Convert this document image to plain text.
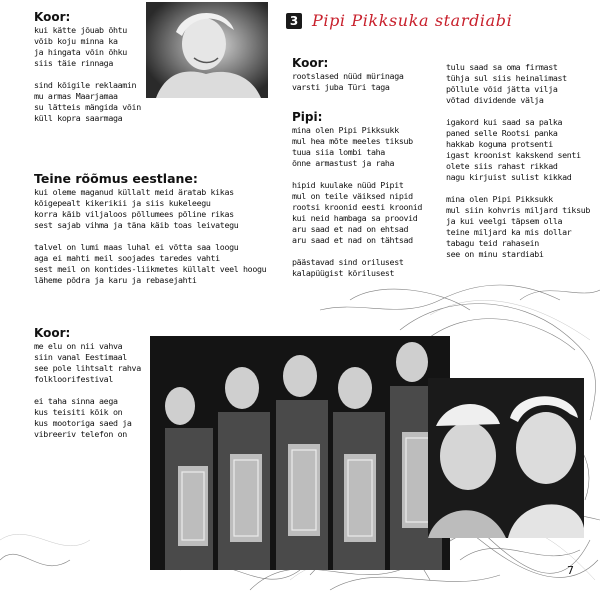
3 Pipi Pikksuka stardiabi
Koor:
kui kätte jõuab õhtu
võib koju minna ka
ja hingata võin õhku
siis täie rinnaga
sind kõigile reklaamin
mu armas Maarjamaa
su lätteis mängida võin
küll kopra saarmaga
Teine rõõmus eestlane:
kui oleme maganud küllalt meid äratab kikas
kõigepealt kikerikii ja siis kukeleegu
korra käib viljaloos põllumees põline rikas
sest sajab vihma ja täna käib toas leivategu
talvel on lumi maas luhal ei võtta saa loogu
aga ei mahti meil soojades taredes vahti
sest meil on kontides-liikmetes küllalt veel hoogu
läheme põdra ja karu ja rebasejahti
Koor:
me elu on nii vahva
siin vanal Eestimaal
see pole lihtsalt rahva
folkloorifestival
ei taha sinna aega
kus teisiti kõik on
kus mootoriga saed ja
vibreeriv telefon on
Koor:
rootslased nüüd mürinaga
varsti juba Türi taga
Pipi:
mina olen Pipi Pikksukk
mul hea mõte meeles tiksub
tuua siia lombi taha
õnne armastust ja raha
hipid kuulake nüüd Pipit
mul on teile väiksed nipid
rootsi kroonid eesti kroonid
kui neid hambaga sa proovid
aru saad et nad on ehtsad
aru saad et nad on tähtsad
päästavad sind orilusest
kalapüügist kõrilusest
tulu saad sa oma firmast
tühja sul siis heinalimast
põllule võid jätta vilja
võtad dividende välja
igakord kui saad sa palka
paned selle Rootsi panka
hakkab koguma protsenti
igast kroonist kakskend senti
olete siis rahast rikkad
nagu kirjuist sulist kikkad
mina olen Pipi Pikksukk
mul siin kohvris miljard tiksub
ja kui veelgi täpsem olla
teine miljard ka mis dollar
tabagu teid rahasein
see on minu stardiabi
7
